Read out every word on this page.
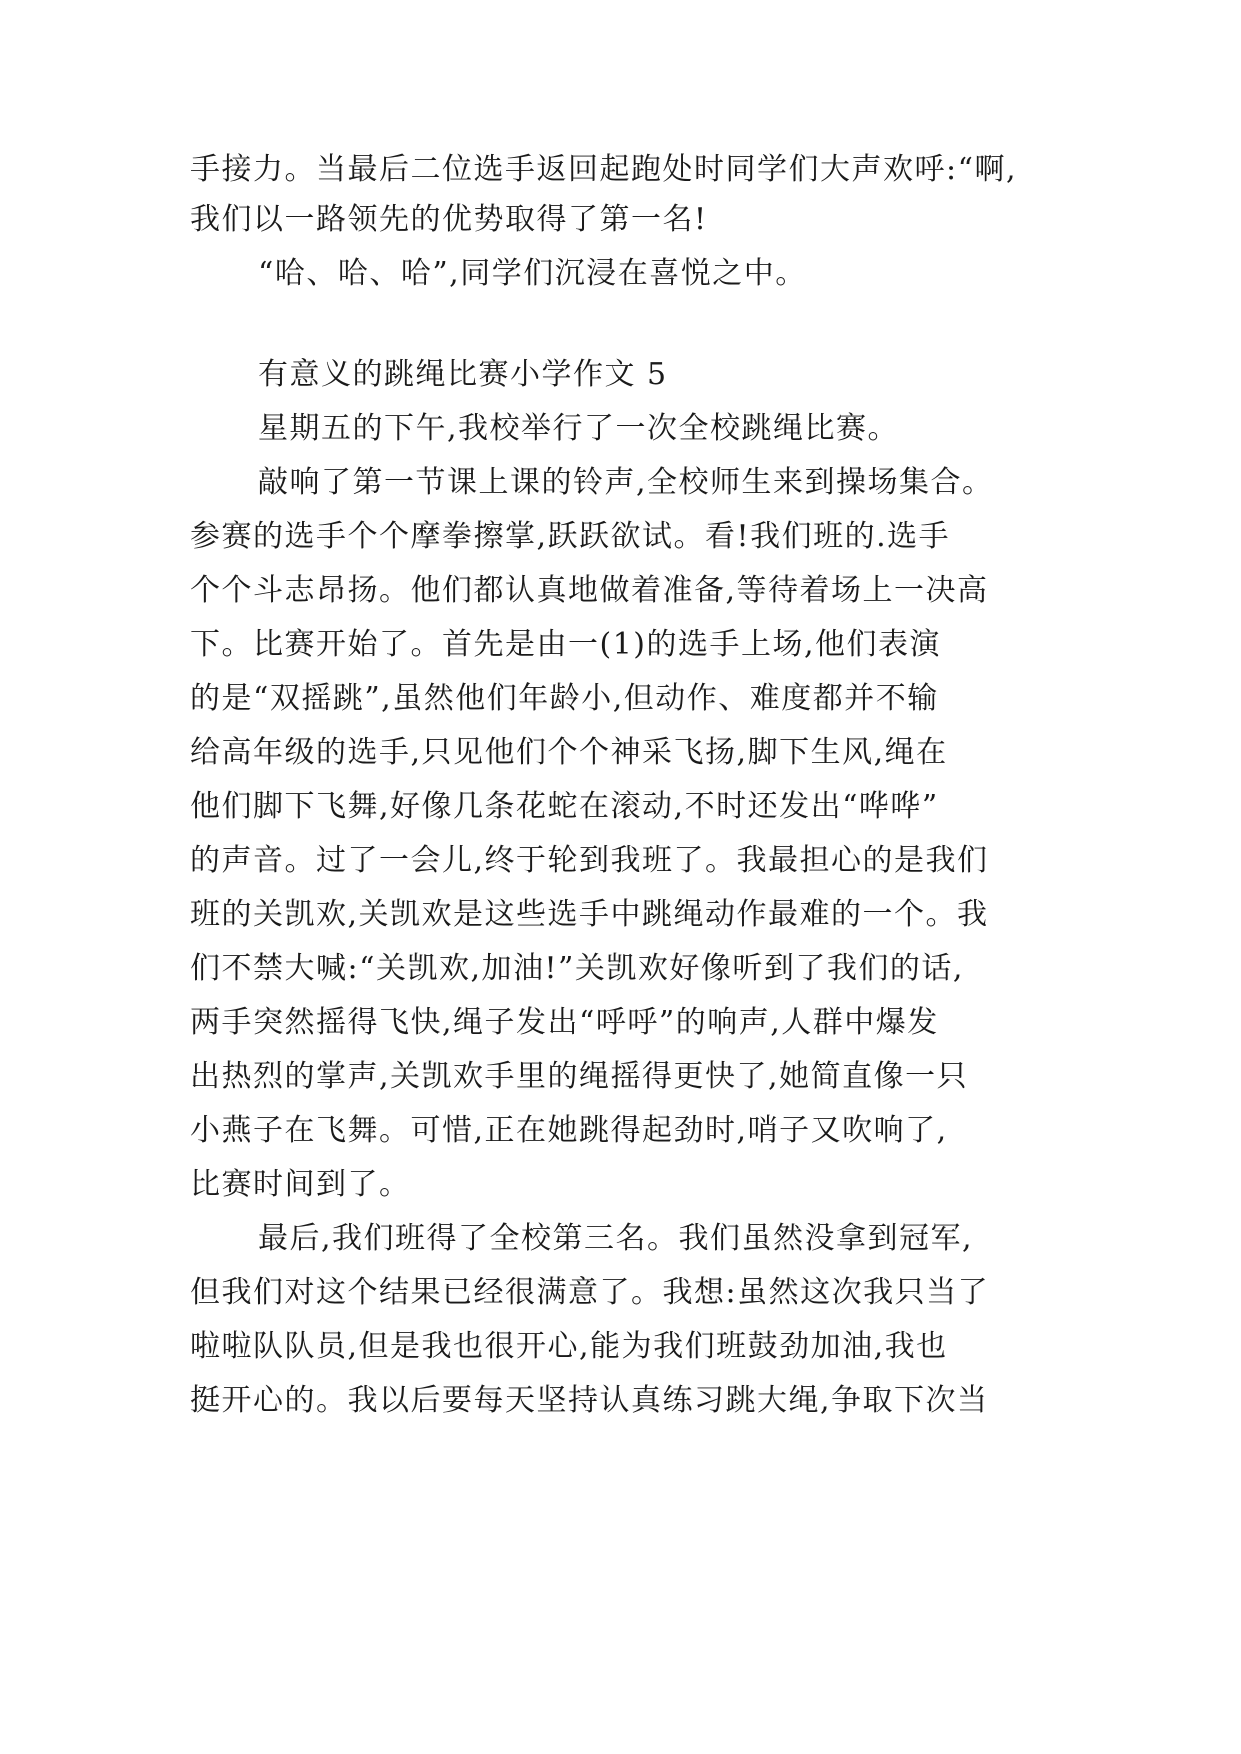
手接力。当最后二位选手返回起跑处时同学们大声欢呼:“啊,
我们以一路领先的优势取得了第一名!
“哈、哈、哈”,同学们沉浸在喜悦之中。
有意义的跳绳比赛小学作文 5
星期五的下午,我校举行了一次全校跳绳比赛。
敲响了第一节课上课的铃声,全校师生来到操场集合。
参赛的选手个个摩拳擦掌,跃跃欲试。看!我们班的.选手
个个斗志昂扬。他们都认真地做着准备,等待着场上一决高
下。比赛开始了。首先是由一(1)的选手上场,他们表演
的是“双摇跳”,虽然他们年龄小,但动作、难度都并不输
给高年级的选手,只见他们个个神采飞扬,脚下生风,绳在
他们脚下飞舞,好像几条花蛇在滚动,不时还发出“哗哗”
的声音。过了一会儿,终于轮到我班了。我最担心的是我们
班的关凯欢,关凯欢是这些选手中跳绳动作最难的一个。我
们不禁大喊:“关凯欢,加油!”关凯欢好像听到了我们的话,
两手突然摇得飞快,绳子发出“呼呼”的响声,人群中爆发
出热烈的掌声,关凯欢手里的绳摇得更快了,她简直像一只
小燕子在飞舞。可惜,正在她跳得起劲时,哨子又吹响了,
比赛时间到了。
最后,我们班得了全校第三名。我们虽然没拿到冠军,
但我们对这个结果已经很满意了。我想:虽然这次我只当了
啦啦队队员,但是我也很开心,能为我们班鼓劲加油,我也
挺开心的。我以后要每天坚持认真练习跳大绳,争取下次当
